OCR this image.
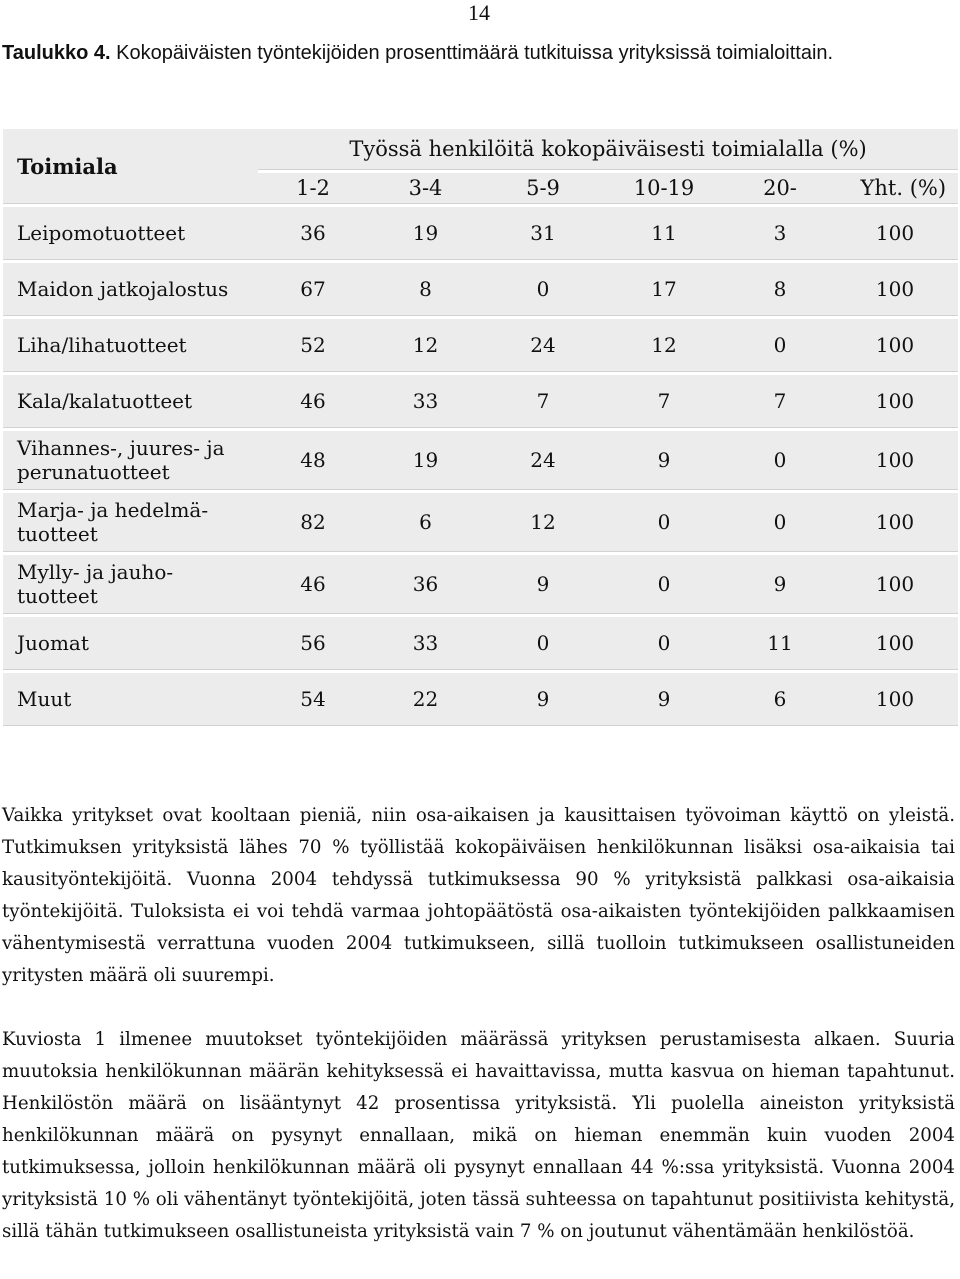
14
Taulukko 4. Kokopäiväisten työntekijöiden prosenttimäärä tutkituissa yrityksissä toimialoittain.
Toimiala	Työssä henkilöitä kokopäiväisesti toimialalla (%)					
	1-2	3-4	5-9	10-19	20-	Yht. (%)
Leipomotuotteet	36	19	31	11	3	100
Maidon jatkojalostus	67	8	0	17	8	100
Liha/lihatuotteet	52	12	24	12	0	100
Kala/kalatuotteet	46	33	7	7	7	100
Vihannes-, juures- ja
perunatuotteet	48	19	24	9	0	100
Marja- ja hedelmä-
tuotteet	82	6	12	0	0	100
Mylly- ja jauho-
tuotteet	46	36	9	0	9	100
Juomat	56	33	0	0	11	100
Muut	54	22	9	9	6	100
Vaikka yritykset ovat kooltaan pieniä, niin osa-aikaisen ja kausittaisen työvoiman käyttö on yleistä. Tutkimuksen yrityksistä lähes 70 % työllistää kokopäiväisen henkilökunnan lisäksi osa-aikaisia tai kausityöntekijöitä. Vuonna 2004 tehdyssä tutkimuksessa 90 % yrityksistä palkkasi osa-aikaisia työntekijöitä. Tuloksista ei voi tehdä varmaa johtopäätöstä osa-aikaisten työntekijöiden palkkaamisen vähentymisestä verrattuna vuoden 2004 tutkimukseen, sillä tuolloin tutkimukseen osallistuneiden yritysten määrä oli suurempi.
Kuviosta 1 ilmenee muutokset työntekijöiden määrässä yrityksen perustamisesta alkaen. Suuria muutoksia henkilökunnan määrän kehityksessä ei havaittavissa, mutta kasvua on hieman tapahtunut. Henkilöstön määrä on lisääntynyt 42 prosentissa yrityksistä. Yli puolella aineiston yrityksistä henkilökunnan määrä on pysynyt ennallaan, mikä on hieman enemmän kuin vuoden 2004 tutkimuksessa, jolloin henkilökunnan määrä oli pysynyt ennallaan 44 %:ssa yrityksistä. Vuonna 2004 yrityksistä 10 % oli vähentänyt työntekijöitä, joten tässä suhteessa on tapahtunut positiivista kehitystä, sillä tähän tutkimukseen osallistuneista yrityksistä vain 7 % on joutunut vähentämään henkilöstöä.
